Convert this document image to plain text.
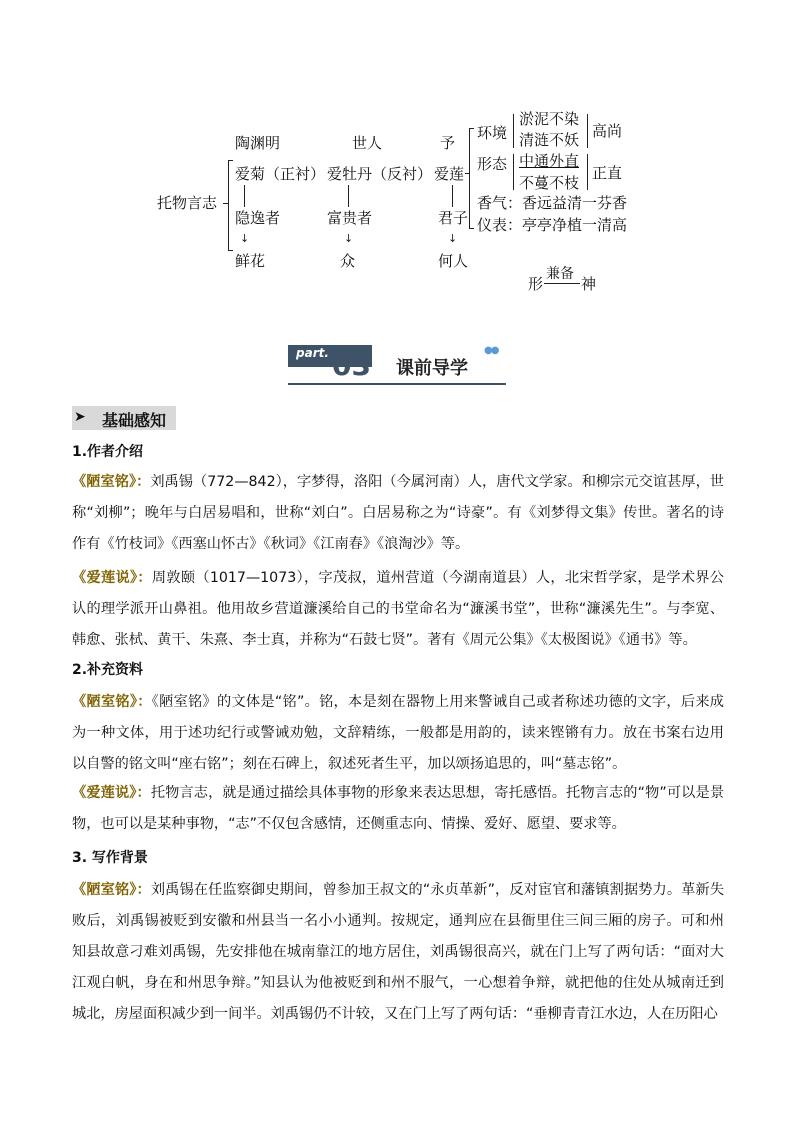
托物言志
陶渊明	世人	予
爱菊（正衬） 爱牡丹（反衬） 爱莲
隐逸者	富贵者	君子
↓	↓	↓
鲜花	众	何人
环境
淤泥不染
清涟不妖 高尚
形态 中通外直
不蔓不枝
正直
香气：香远益清一芬香
仪表：亭亭净植一清高
形
兼备
神
part. 03 课前导学
●●
➤ 基础感知
1.作者介绍
《陋室铭》：刘禹锡（772—842），字梦得，洛阳（今属河南）人，唐代文学家。和柳宗元交谊甚厚，世称“刘柳”；晚年与白居易唱和，世称“刘白”。白居易称之为“诗豪”。有《刘梦得文集》传世。著名的诗作有《竹枝词》《西塞山怀古》《秋词》《江南春》《浪淘沙》等。
《爱莲说》：周敦颐（1017—1073），字茂叔，道州营道（今湖南道县）人，北宋哲学家，是学术界公认的理学派开山鼻祖。他用故乡营道濂溪给自己的书堂命名为“濂溪书堂”，世称“濂溪先生”。与李宽、韩愈、张栻、黄干、朱熹、李士真，并称为“石鼓七贤”。著有《周元公集》《太极图说》《通书》等。
2.补充资料
《陋室铭》：《陋室铭》的文体是“铭”。铭，本是刻在器物上用来警诫自己或者称述功德的文字，后来成为一种文体，用于述功纪行或警诫劝勉，文辞精练，一般都是用韵的，读来铿锵有力。放在书案右边用以自警的铭文叫“座右铭”；刻在石碑上，叙述死者生平，加以颂扬追思的，叫“墓志铭”。
《爱莲说》：托物言志，就是通过描绘具体事物的形象来表达思想，寄托感悟。托物言志的“物”可以是景物，也可以是某种事物，“志”不仅包含感情，还侧重志向、情操、爱好、愿望、要求等。
3. 写作背景
《陋室铭》：刘禹锡在任监察御史期间，曾参加王叔文的“永贞革新”，反对宦官和藩镇割据势力。革新失败后，刘禹锡被贬到安徽和州县当一名小小通判。按规定，通判应在县衙里住三间三厢的房子。可和州知县故意刁难刘禹锡，先安排他在城南靠江的地方居住，刘禹锡很高兴，就在门上写了两句话：“面对大江观白帆，身在和州思争辩。”知县认为他被贬到和州不服气，一心想着争辩，就把他的住处从城南迁到城北，房屋面积减少到一间半。刘禹锡仍不计较，又在门上写了两句话：“垂柳青青江水边，人在历阳心
